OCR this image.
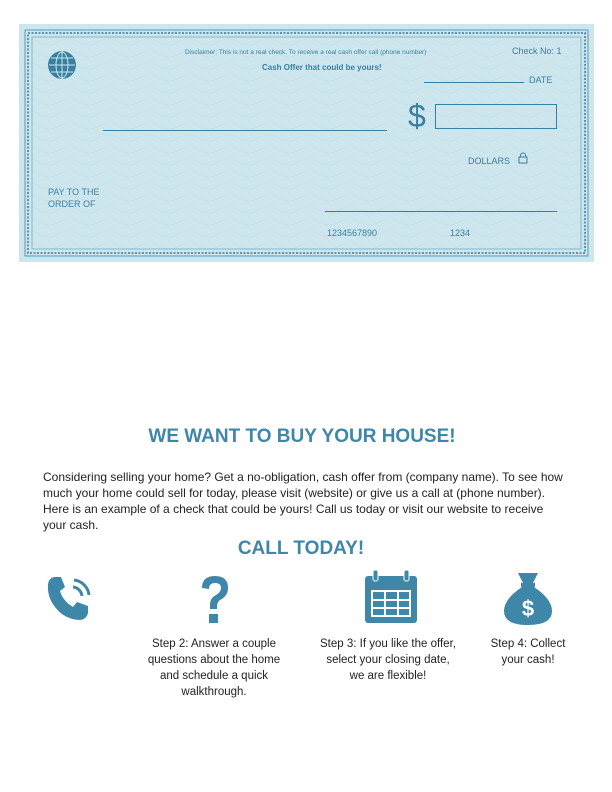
Disclaimer: This is not a real check. To receive a real cash offer call (phone number)
Cash Offer that could be yours!
Check No: 1
DATE
$
DOLLARS
PAY TO THE
ORDER OF
1234567890	1234
WE WANT TO BUY YOUR HOUSE!
Considering selling your home? Get a no-obligation, cash offer from (company name). To see how much your home could sell for today, please visit (website) or give us a call at (phone number). Here is an example of a check that could be yours! Call us today or visit our website to receive your cash.
CALL TODAY!
Step 2: Answer a couple questions about the home and schedule a quick walkthrough.
Step 3: If you like the offer, select your closing date, we are flexible!
$
Step 4: Collect your cash!
